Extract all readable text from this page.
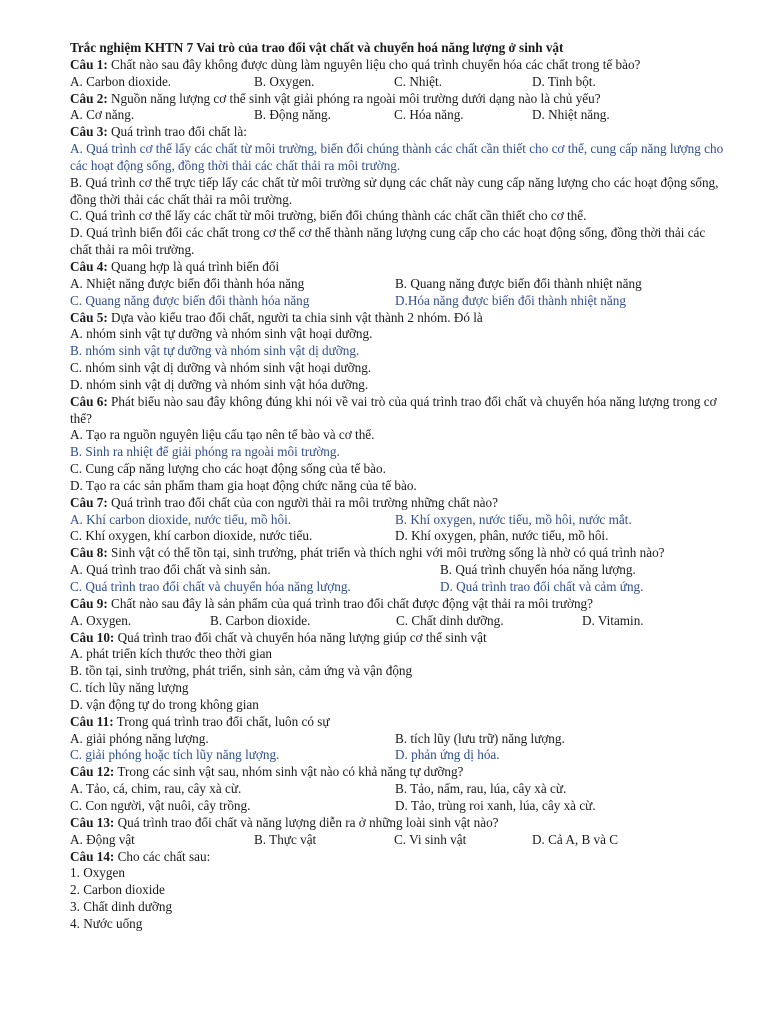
Trắc nghiệm KHTN 7 Vai trò của trao đổi vật chất và chuyển hoá năng lượng ở sinh vật

Câu 1: Chất nào sau đây không được dùng làm nguyên liệu cho quá trình chuyển hóa các chất trong tế bào?

A. Carbon dioxide.	B. Oxygen.	C. Nhiệt.	D. Tinh bột.

Câu 2: Nguồn năng lượng cơ thể sinh vật giải phóng ra ngoài môi trường dưới dạng nào là chủ yếu?

A. Cơ năng.	B. Động năng.	C. Hóa năng.	D. Nhiệt năng.

Câu 3: Quá trình trao đổi chất là:

A. Quá trình cơ thể lấy các chất từ môi trường, biến đổi chúng thành các chất cần thiết cho cơ thể, cung cấp năng lượng cho các hoạt động sống, đồng thời thải các chất thải ra môi trường.

B. Quá trình cơ thể trực tiếp lấy các chất từ môi trường sử dụng các chất này cung cấp năng lượng cho các hoạt động sống, đồng thời thải các chất thải ra môi trường.

C. Quá trình cơ thể lấy các chất từ môi trường, biến đổi chúng thành các chất cần thiết cho cơ thể.

D. Quá trình biến đổi các chất trong cơ thể cơ thể thành năng lượng cung cấp cho các hoạt động sống, đồng thời thải các chất thải ra môi trường.

Câu 4: Quang hợp là quá trình biến đổi

A. Nhiệt năng được biến đổi thành hóa năng	B. Quang năng được biến đổi thành nhiệt năng
C. Quang năng được biến đổi thành hóa năng	D.Hóa năng được biến đổi thành nhiệt năng

Câu 5: Dựa vào kiểu trao đổi chất, người ta chia sinh vật thành 2 nhóm. Đó là

A. nhóm sinh vật tự dưỡng và nhóm sinh vật hoại dưỡng.

B. nhóm sinh vật tự dưỡng và nhóm sinh vật dị dưỡng.

C. nhóm sinh vật dị dưỡng và nhóm sinh vật hoại dưỡng.

D. nhóm sinh vật dị dưỡng và nhóm sinh vật hóa dưỡng.

Câu 6: Phát biểu nào sau đây không đúng khi nói về vai trò của quá trình trao đổi chất và chuyển hóa năng lượng trong cơ thể?

A. Tạo ra nguồn nguyên liệu cấu tạo nên tế bào và cơ thể.

B. Sinh ra nhiệt để giải phóng ra ngoài môi trường.

C. Cung cấp năng lượng cho các hoạt động sống của tế bào.

D. Tạo ra các sản phẩm tham gia hoạt động chức năng của tế bào.

Câu 7: Quá trình trao đổi chất của con người thải ra môi trường những chất nào?

A. Khí carbon dioxide, nước tiểu, mồ hôi.	B. Khí oxygen, nước tiểu, mồ hôi, nước mắt.
C. Khí oxygen, khí carbon dioxide, nước tiểu.	D. Khí oxygen, phân, nước tiểu, mồ hôi.

Câu 8: Sinh vật có thể tồn tại, sinh trưởng, phát triển và thích nghi với môi trường sống là nhờ có quá trình nào?

A. Quá trình trao đổi chất và sinh sản.	B. Quá trình chuyển hóa năng lượng.
C. Quá trình trao đổi chất và chuyển hóa năng lượng.	D. Quá trình trao đổi chất và cảm ứng.

Câu 9: Chất nào sau đây là sản phẩm của quá trình trao đổi chất được động vật thải ra môi trường?

A. Oxygen.	B. Carbon dioxide.	C. Chất dinh dưỡng.	D. Vitamin.

Câu 10: Quá trình trao đổi chất và chuyển hóa năng lượng giúp cơ thể sinh vật

A. phát triển kích thước theo thời gian

B. tồn tại, sinh trưởng, phát triển, sinh sản, cảm ứng và vận động

C. tích lũy năng lượng

D. vận động tự do trong không gian

Câu 11: Trong quá trình trao đổi chất, luôn có sự

A. giải phóng năng lượng.	B. tích lũy (lưu trữ) năng lượng.
C. giải phóng hoặc tích lũy năng lượng.	D. phản ứng dị hóa.

Câu 12: Trong các sinh vật sau, nhóm sinh vật nào có khả năng tự dưỡng?

A. Tảo, cá, chim, rau, cây xà cừ.	B. Tảo, nấm, rau, lúa, cây xà cừ.
C. Con người, vật nuôi, cây trồng.	D. Tảo, trùng roi xanh, lúa, cây xà cừ.

Câu 13: Quá trình trao đổi chất và năng lượng diễn ra ở những loài sinh vật nào?

A. Động vật	B. Thực vật	C. Vi sinh vật	D. Cả A, B và C

Câu 14: Cho các chất sau:

1. Oxygen

2. Carbon dioxide

3. Chất dinh dưỡng

4. Nước uống
